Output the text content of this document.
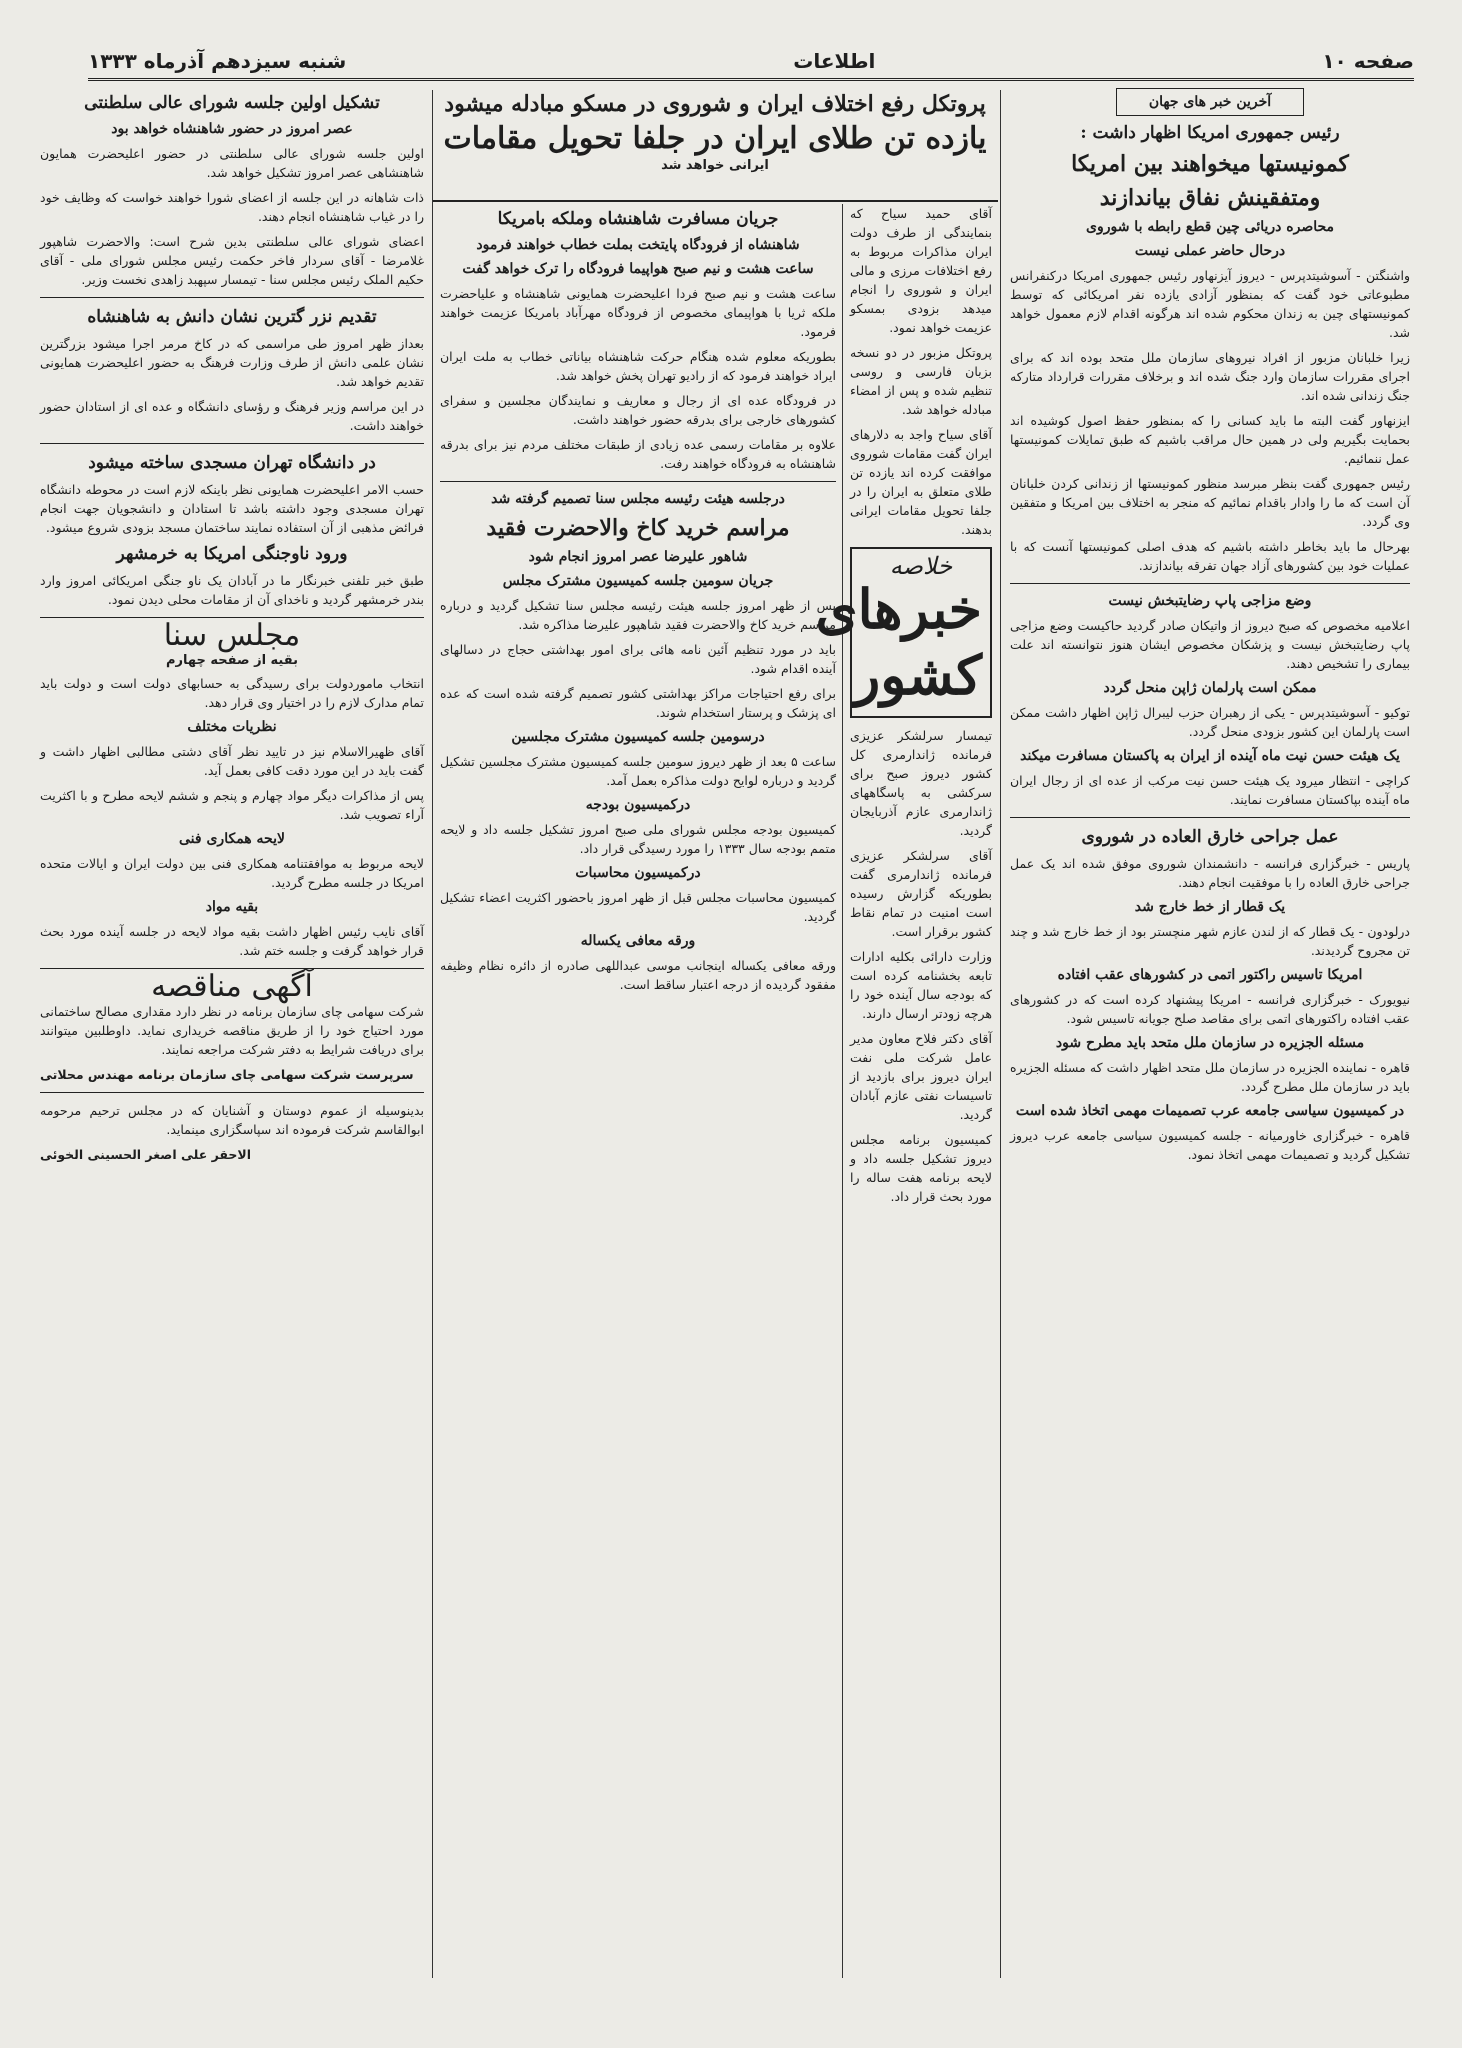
صفحه ۱۰
اطلاعات
شنبه سیزدهم آذرماه ۱۳۳۳
پروتکل رفع اختلاف ایران و شوروی در مسکو مبادله میشود
یازده تن طلای ایران در جلفا تحویل مقامات
ایرانی خواهد شد
آخرین خبر های جهان
رئیس جمهوری امریکا اظهار داشت :
کمونیستها میخواهند بین امریکا
ومتفقینش نفاق بیاندازند
محاصره دریائی چین قطع رابطه با شوروی
درحال حاضر عملی نیست

واشنگتن - آسوشیتدپرس - دیروز آیزنهاور رئیس جمهوری امریکا درکنفرانس مطبوعاتی خود گفت که بمنظور آزادی یازده نفر امریکائی که توسط کمونیستهای چین به زندان محکوم شده اند هرگونه اقدام لازم معمول خواهد شد.

زیرا خلبانان مزبور از افراد نیروهای سازمان ملل متحد بوده اند که برای اجرای مقررات سازمان وارد جنگ شده اند و برخلاف مقررات قرارداد متارکه جنگ زندانی شده اند.

ایزنهاور گفت البته ما باید کسانی را که بمنظور حفظ اصول کوشیده اند بحمایت بگیریم ولی در همین حال مراقب باشیم که طبق تمایلات کمونیستها عمل ننمائیم.

رئیس جمهوری گفت بنظر مبرسد منظور کمونیستها از زندانی کردن خلبانان آن است که ما را وادار باقدام نمائیم که منجر به اختلاف بین امریکا و متفقین وی گردد.

بهرحال ما باید بخاطر داشته باشیم که هدف اصلی کمونیستها آنست که با عملیات خود بین کشورهای آزاد جهان تفرقه بیاندازند.

وضع مزاجی پاپ رضایتبخش نیست

اعلامیه مخصوص که صبح دیروز از واتیکان صادر گردید حاکیست وضع مزاجی پاپ رضایتبخش نیست و پزشکان مخصوص ایشان هنوز نتوانسته اند علت بیماری را تشخیص دهند.

ممکن است پارلمان ژاپن منحل گردد

توکیو - آسوشیتدپرس - یکی از رهبران حزب لیبرال ژاپن اظهار داشت ممکن است پارلمان این کشور بزودی منحل گردد.

یک هیئت حسن نیت ماه آینده از ایران به پاکستان مسافرت میکند

کراچی - انتظار میرود یک هیئت حسن نیت مرکب از عده ای از رجال ایران ماه آینده بپاکستان مسافرت نمایند.

عمل جراحی خارق العاده در شوروی

پاریس - خبرگزاری فرانسه - دانشمندان شوروی موفق شده اند یک عمل جراحی خارق العاده را با موفقیت انجام دهند.

یک قطار از خط خارج شد

درلودون - یک قطار که از لندن عازم شهر منچستر بود از خط خارج شد و چند تن مجروح گردیدند.

امریکا تاسیس راکتور اتمی در کشورهای عقب افتاده

نیویورک - خبرگزاری فرانسه - امریکا پیشنهاد کرده است که در کشورهای عقب افتاده راکتورهای اتمی برای مقاصد صلح جویانه تاسیس شود.

مسئله الجزیره در سازمان ملل متحد باید مطرح شود

قاهره - نماینده الجزیره در سازمان ملل متحد اظهار داشت که مسئله الجزیره باید در سازمان ملل مطرح گردد.

در کمیسیون سیاسی جامعه عرب تصمیمات مهمی اتخاذ شده است

قاهره - خبرگزاری خاورمیانه - جلسه کمیسیون سیاسی جامعه عرب دیروز تشکیل گردید و تصمیمات مهمی اتخاذ نمود.

آقای حمید سیاح که بنمایندگی از طرف دولت ایران مذاکرات مربوط به رفع اختلافات مرزی و مالی ایران و شوروی را انجام میدهد بزودی بمسکو عزیمت خواهد نمود.

پروتکل مزبور در دو نسخه بزبان فارسی و روسی تنظیم شده و پس از امضاء مبادله خواهد شد.

آقای سیاح واجد به دلارهای ایران گفت مقامات شوروی موافقت کرده اند یازده تن طلای متعلق به ایران را در جلفا تحویل مقامات ایرانی بدهند.

خلاصه
خبرهای کشور

تیمسار سرلشکر عزیزی فرمانده ژاندارمری کل کشور دیروز صبح برای سرکشی به پاسگاههای ژاندارمری عازم آذربایجان گردید.

آقای سرلشکر عزیزی فرمانده ژاندارمری گفت بطوریکه گزارش رسیده است امنیت در تمام نقاط کشور برقرار است.

وزارت دارائی بکلیه ادارات تابعه بخشنامه کرده است که بودجه سال آینده خود را هرچه زودتر ارسال دارند.

آقای دکتر فلاح معاون مدیر عامل شرکت ملی نفت ایران دیروز برای بازدید از تاسیسات نفتی عازم آبادان گردید.

کمیسیون برنامه مجلس دیروز تشکیل جلسه داد و لایحه برنامه هفت ساله را مورد بحث قرار داد.

جریان مسافرت شاهنشاه وملکه بامریکا
شاهنشاه از فرودگاه پایتخت بملت خطاب خواهند فرمود
ساعت هشت و نیم صبح هواپیما فرودگاه را ترک خواهد گفت

ساعت هشت و نیم صبح فردا اعلیحضرت همایونی شاهنشاه و علیاحضرت ملکه ثریا با هواپیمای مخصوص از فرودگاه مهرآباد بامریکا عزیمت خواهند فرمود.

بطوریکه معلوم شده هنگام حرکت شاهنشاه بیاناتی خطاب به ملت ایران ایراد خواهند فرمود که از رادیو تهران پخش خواهد شد.

در فرودگاه عده ای از رجال و معاریف و نمایندگان مجلسین و سفرای کشورهای خارجی برای بدرقه حضور خواهند داشت.

علاوه بر مقامات رسمی عده زیادی از طبقات مختلف مردم نیز برای بدرقه شاهنشاه به فرودگاه خواهند رفت.

درجلسه هیئت رئیسه مجلس سنا تصمیم گرفته شد
مراسم خرید کاخ والاحضرت فقید
شاهور علیرضا عصر امروز انجام شود
جریان سومین جلسه کمیسیون مشترک مجلس

پس از ظهر امروز جلسه هیئت رئیسه مجلس سنا تشکیل گردید و درباره مراسم خرید کاخ والاحضرت فقید شاهپور علیرضا مذاکره شد.

باید در مورد تنظیم آئین نامه هائی برای امور بهداشتی حجاج در دسالهای آینده اقدام شود.

برای رفع احتیاجات مراکز بهداشتی کشور تصمیم گرفته شده است که عده ای پزشک و پرستار استخدام شوند.

درسومین جلسه کمیسیون مشترک مجلسین

ساعت ۵ بعد از ظهر دیروز سومین جلسه کمیسیون مشترک مجلسین تشکیل گردید و درباره لوایح دولت مذاکره بعمل آمد.

درکمیسیون بودجه

کمیسیون بودجه مجلس شورای ملی صبح امروز تشکیل جلسه داد و لایحه متمم بودجه سال ۱۳۳۳ را مورد رسیدگی قرار داد.

درکمیسیون محاسبات

کمیسیون محاسبات مجلس قبل از ظهر امروز باحضور اکثریت اعضاء تشکیل گردید.

ورقه معافی یکساله

ورقه معافی یکساله اینجانب موسی عبداللهی صادره از دائره نظام وظیفه مفقود گردیده از درجه اعتبار ساقط است.

تشکیل اولین جلسه شورای عالی سلطنتی
عصر امروز در حضور شاهنشاه خواهد بود

اولین جلسه شورای عالی سلطنتی در حضور اعلیحضرت همایون شاهنشاهی عصر امروز تشکیل خواهد شد.

ذات شاهانه در این جلسه از اعضای شورا خواهند خواست که وظایف خود را در غیاب شاهنشاه انجام دهند.

اعضای شورای عالی سلطنتی بدین شرح است: والاحضرت شاهپور غلامرضا - آقای سردار فاخر حکمت رئیس مجلس شورای ملی - آقای حکیم الملک رئیس مجلس سنا - تیمسار سپهبد زاهدی نخست وزیر.

تقدیم نزر گترین نشان دانش به شاهنشاه

بعداز ظهر امروز طی مراسمی که در کاخ مرمر اجرا میشود بزرگترین نشان علمی دانش از طرف وزارت فرهنگ به حضور اعلیحضرت همایونی تقدیم خواهد شد.

در این مراسم وزیر فرهنگ و رؤسای دانشگاه و عده ای از استادان حضور خواهند داشت.

در دانشگاه تهران مسجدی ساخته میشود

حسب الامر اعلیحضرت همایونی نظر باینکه لازم است در محوطه دانشگاه تهران مسجدی وجود داشته باشد تا استادان و دانشجویان جهت انجام فرائض مذهبی از آن استفاده نمایند ساختمان مسجد بزودی شروع میشود.

ورود ناوجنگی امریکا به خرمشهر

طبق خبر تلفنی خبرنگار ما در آبادان یک ناو جنگی امریکائی امروز وارد بندر خرمشهر گردید و ناخدای آن از مقامات محلی دیدن نمود.

مجلس سنا
بقیه از صفحه چهارم

انتخاب ماموردولت برای رسیدگی به حسابهای دولت است و دولت باید تمام مدارک لازم را در اختیار وی قرار دهد.

نظریات مختلف

آقای ظهیرالاسلام نیز در تایید نظر آقای دشتی مطالبی اظهار داشت و گفت باید در این مورد دقت کافی بعمل آید.

پس از مذاکرات دیگر مواد چهارم و پنجم و ششم لایحه مطرح و با اکثریت آراء تصویب شد.

لایحه همکاری فنی

لایحه مربوط به موافقتنامه همکاری فنی بین دولت ایران و ایالات متحده امریکا در جلسه مطرح گردید.

بقیه مواد

آقای نایب رئیس اظهار داشت بقیه مواد لایحه در جلسه آینده مورد بحث قرار خواهد گرفت و جلسه ختم شد.

آگهی مناقصه

شرکت سهامی چای سازمان برنامه در نظر دارد مقداری مصالح ساختمانی مورد احتیاج خود را از طریق مناقصه خریداری نماید. داوطلبین میتوانند برای دریافت شرایط به دفتر شرکت مراجعه نمایند.

سرپرست شرکت سهامی چای سازمان برنامه مهندس محلاتی

بدینوسیله از عموم دوستان و آشنایان که در مجلس ترحیم مرحومه ابوالقاسم شرکت فرموده اند سپاسگزاری مینماید.

الاحقر علی اصغر الحسینی الخوئی
